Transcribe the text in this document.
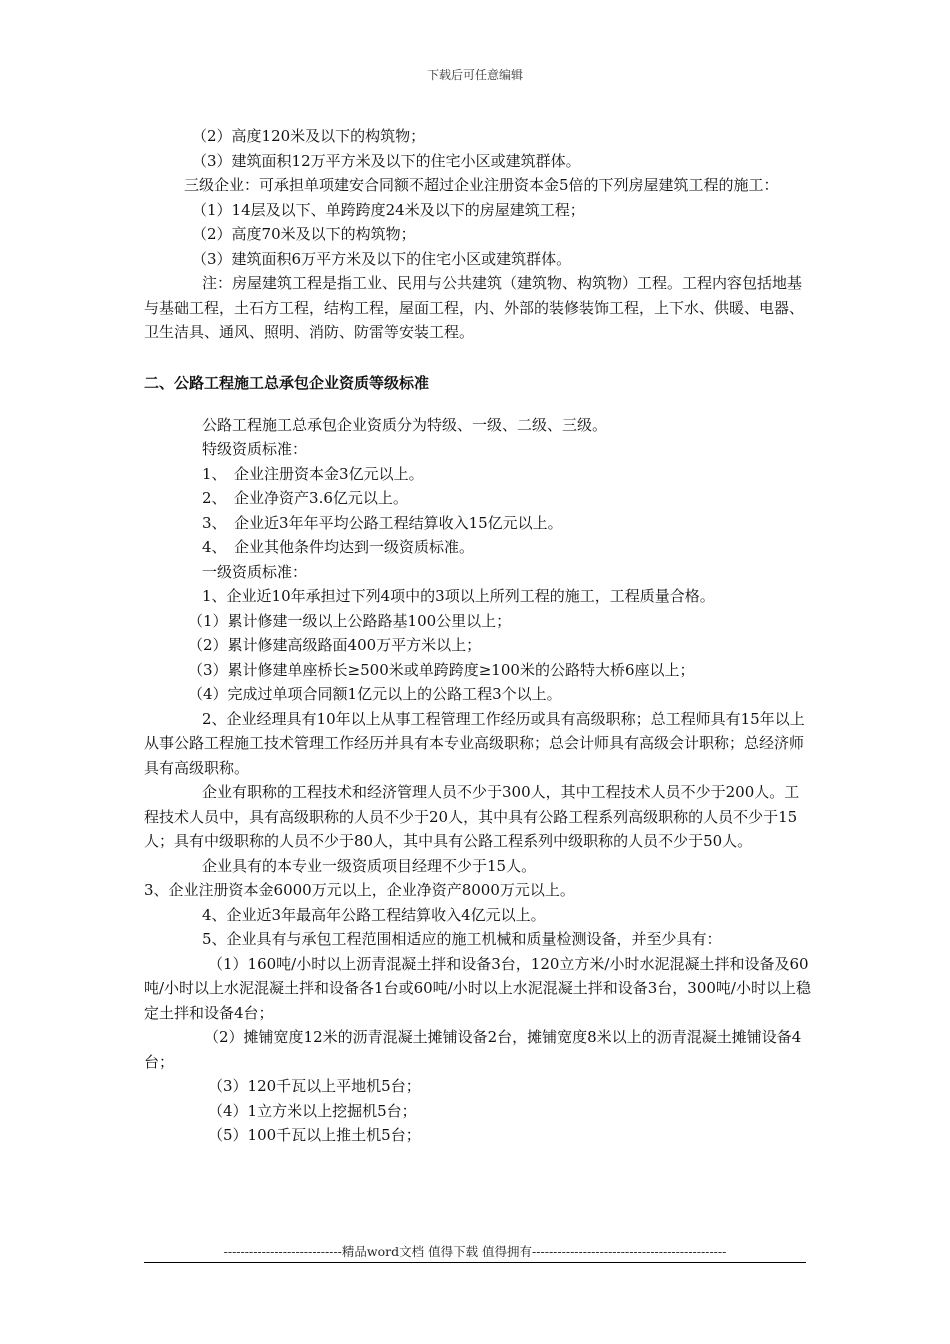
下载后可任意编辑

（2）高度120米及以下的构筑物；

（3）建筑面积12万平方米及以下的住宅小区或建筑群体。

三级企业：可承担单项建安合同额不超过企业注册资本金5倍的下列房屋建筑工程的施工：

（1）14层及以下、单跨跨度24米及以下的房屋建筑工程；

（2）高度70米及以下的构筑物；

（3）建筑面积6万平方米及以下的住宅小区或建筑群体。

注：房屋建筑工程是指工业、民用与公共建筑（建筑物、构筑物）工程。工程内容包括地基与基础工程，土石方工程，结构工程，屋面工程，内、外部的装修装饰工程，上下水、供暖、电器、卫生洁具、通风、照明、消防、防雷等安装工程。

二、公路工程施工总承包企业资质等级标准

公路工程施工总承包企业资质分为特级、一级、二级、三级。

特级资质标准：

1、　企业注册资本金3亿元以上。

2、　企业净资产3.6亿元以上。

3、　企业近3年年平均公路工程结算收入15亿元以上。

4、　企业其他条件均达到一级资质标准。

一级资质标准：

1、企业近10年承担过下列4项中的3项以上所列工程的施工，工程质量合格。

（1）累计修建一级以上公路路基100公里以上；

（2）累计修建高级路面400万平方米以上；

（3）累计修建单座桥长≥500米或单跨跨度≥100米的公路特大桥6座以上；

（4）完成过单项合同额1亿元以上的公路工程3个以上。

2、企业经理具有10年以上从事工程管理工作经历或具有高级职称；总工程师具有15年以上从事公路工程施工技术管理工作经历并具有本专业高级职称；总会计师具有高级会计职称；总经济师具有高级职称。

企业有职称的工程技术和经济管理人员不少于300人，其中工程技术人员不少于200人。工程技术人员中，具有高级职称的人员不少于20人，其中具有公路工程系列高级职称的人员不少于15人；具有中级职称的人员不少于80人，其中具有公路工程系列中级职称的人员不少于50人。

企业具有的本专业一级资质项目经理不少于15人。

3、企业注册资本金6000万元以上，企业净资产8000万元以上。

4、企业近3年最高年公路工程结算收入4亿元以上。

5、企业具有与承包工程范围相适应的施工机械和质量检测设备，并至少具有：

（1）160吨/小时以上沥青混凝土拌和设备3台，120立方米/小时水泥混凝土拌和设备及60吨/小时以上水泥混凝土拌和设备各1台或60吨/小时以上水泥混凝土拌和设备3台，300吨/小时以上稳定土拌和设备4台；

（2）摊铺宽度12米的沥青混凝土摊铺设备2台，摊铺宽度8米以上的沥青混凝土摊铺设备4台；

（3）120千瓦以上平地机5台；

（4）1立方米以上挖掘机5台；

（5）100千瓦以上推土机5台；

----------------------------精品word文档 值得下载 值得拥有----------------------------------------------
